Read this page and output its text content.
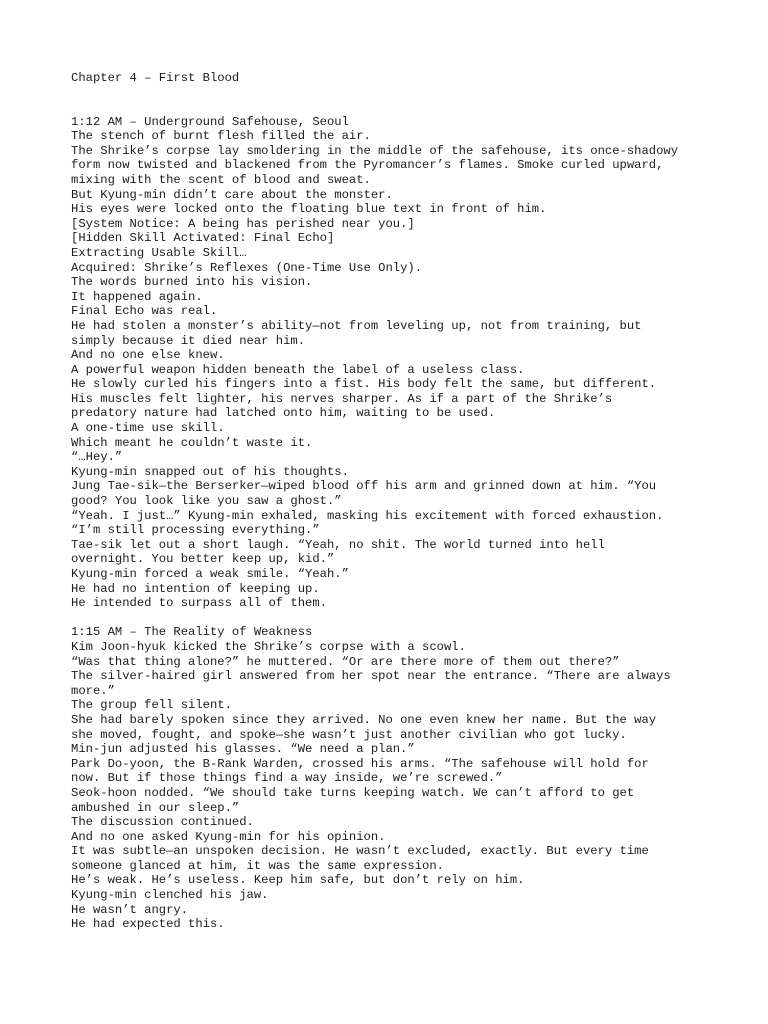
Chapter 4 – First Blood
1:12 AM – Underground Safehouse, Seoul

The stench of burnt flesh filled the air.

The Shrike’s corpse lay smoldering in the middle of the safehouse, its once-shadowy
form now twisted and blackened from the Pyromancer’s flames. Smoke curled upward,
mixing with the scent of blood and sweat.

But Kyung-min didn’t care about the monster.

His eyes were locked onto the floating blue text in front of him.

[System Notice: A being has perished near you.]

[Hidden Skill Activated: Final Echo]

Extracting Usable Skill…

Acquired: Shrike’s Reflexes (One-Time Use Only).

The words burned into his vision.

It happened again.

Final Echo was real.

He had stolen a monster’s ability—not from leveling up, not from training, but
simply because it died near him.

And no one else knew.

A powerful weapon hidden beneath the label of a useless class.

He slowly curled his fingers into a fist. His body felt the same, but different.
His muscles felt lighter, his nerves sharper. As if a part of the Shrike’s
predatory nature had latched onto him, waiting to be used.

A one-time use skill.

Which meant he couldn’t waste it.

“…Hey.”

Kyung-min snapped out of his thoughts.

Jung Tae-sik—the Berserker—wiped blood off his arm and grinned down at him. “You
good? You look like you saw a ghost.”

“Yeah. I just…” Kyung-min exhaled, masking his excitement with forced exhaustion.
“I’m still processing everything.”

Tae-sik let out a short laugh. “Yeah, no shit. The world turned into hell
overnight. You better keep up, kid.”

Kyung-min forced a weak smile. “Yeah.”

He had no intention of keeping up.

He intended to surpass all of them.

1:15 AM – The Reality of Weakness

Kim Joon-hyuk kicked the Shrike’s corpse with a scowl.

“Was that thing alone?” he muttered. “Or are there more of them out there?”

The silver-haired girl answered from her spot near the entrance. “There are always
more.”

The group fell silent.

She had barely spoken since they arrived. No one even knew her name. But the way
she moved, fought, and spoke—she wasn’t just another civilian who got lucky.

Min-jun adjusted his glasses. “We need a plan.”

Park Do-yoon, the B-Rank Warden, crossed his arms. “The safehouse will hold for
now. But if those things find a way inside, we’re screwed.”

Seok-hoon nodded. “We should take turns keeping watch. We can’t afford to get
ambushed in our sleep.”

The discussion continued.

And no one asked Kyung-min for his opinion.

It was subtle—an unspoken decision. He wasn’t excluded, exactly. But every time
someone glanced at him, it was the same expression.

He’s weak. He’s useless. Keep him safe, but don’t rely on him.

Kyung-min clenched his jaw.

He wasn’t angry.

He had expected this.
